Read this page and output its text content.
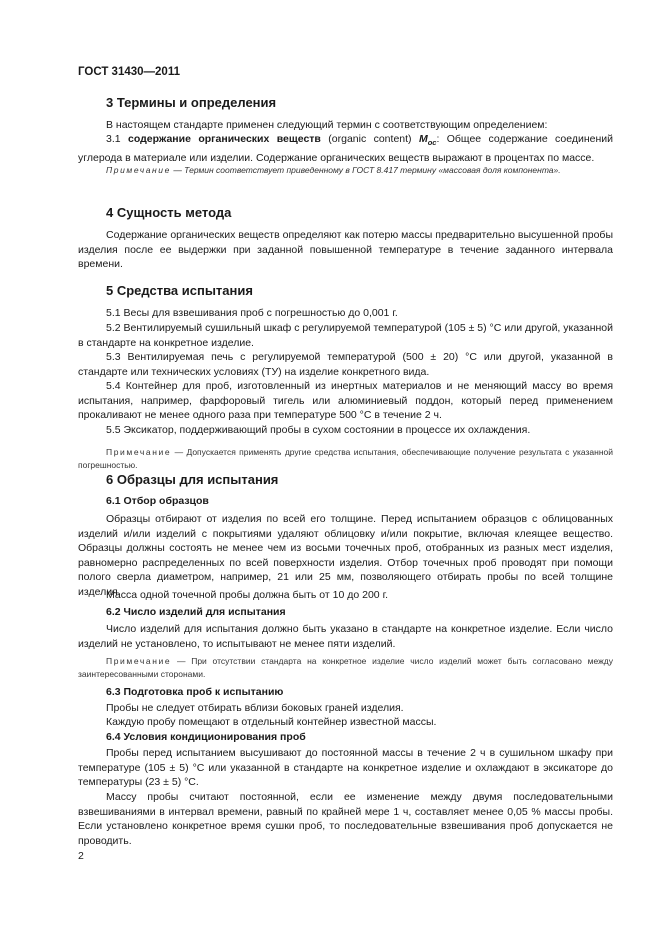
ГОСТ 31430—2011
3 Термины и определения
В настоящем стандарте применен следующий термин с соответствующим определением:
3.1 содержание органических веществ (organic content) $M_{ос}$: Общее содержание соединений углерода в материале или изделии. Содержание органических веществ выражают в процентах по массе.
Примечание — Термин соответствует приведенному в ГОСТ 8.417 термину «массовая доля компонента».
4 Сущность метода
Содержание органических веществ определяют как потерю массы предварительно высушенной пробы изделия после ее выдержки при заданной повышенной температуре в течение заданного интервала времени.
5 Средства испытания
5.1 Весы для взвешивания проб с погрешностью до 0,001 г.
5.2 Вентилируемый сушильный шкаф с регулируемой температурой (105 ± 5) °С или другой, указанной в стандарте на конкретное изделие.
5.3 Вентилируемая печь с регулируемой температурой (500 ± 20) °С или другой, указанной в стандарте или технических условиях (ТУ) на изделие конкретного вида.
5.4 Контейнер для проб, изготовленный из инертных материалов и не меняющий массу во время испытания, например, фарфоровый тигель или алюминиевый поддон, который перед применением прокаливают не менее одного раза при температуре 500 °С в течение 2 ч.
5.5 Эксикатор, поддерживающий пробы в сухом состоянии в процессе их охлаждения.
Примечание — Допускается применять другие средства испытания, обеспечивающие получение результата с указанной погрешностью.
6 Образцы для испытания
6.1 Отбор образцов
Образцы отбирают от изделия по всей его толщине. Перед испытанием образцов с облицованных изделий и/или изделий с покрытиями удаляют облицовку и/или покрытие, включая клеящее вещество. Образцы должны состоять не менее чем из восьми точечных проб, отобранных из разных мест изделия, равномерно распределенных по всей поверхности изделия. Отбор точечных проб проводят при помощи полого сверла диаметром, например, 21 или 25 мм, позволяющего отбирать пробы по всей толщине изделия.
Масса одной точечной пробы должна быть от 10 до 200 г.
6.2 Число изделий для испытания
Число изделий для испытания должно быть указано в стандарте на конкретное изделие. Если число изделий не установлено, то испытывают не менее пяти изделий.
Примечание — При отсутствии стандарта на конкретное изделие число изделий может быть согласовано между заинтересованными сторонами.
6.3 Подготовка проб к испытанию
Пробы не следует отбирать вблизи боковых граней изделия.
Каждую пробу помещают в отдельный контейнер известной массы.
6.4 Условия кондиционирования проб
Пробы перед испытанием высушивают до постоянной массы в течение 2 ч в сушильном шкафу при температуре (105 ± 5) °С или указанной в стандарте на конкретное изделие и охлаждают в эксикаторе до температуры (23 ± 5) °С.
Массу пробы считают постоянной, если ее изменение между двумя последовательными взвешиваниями в интервал времени, равный по крайней мере 1 ч, составляет менее 0,05 % массы пробы. Если установлено конкретное время сушки проб, то последовательные взвешивания проб допускается не проводить.
2
